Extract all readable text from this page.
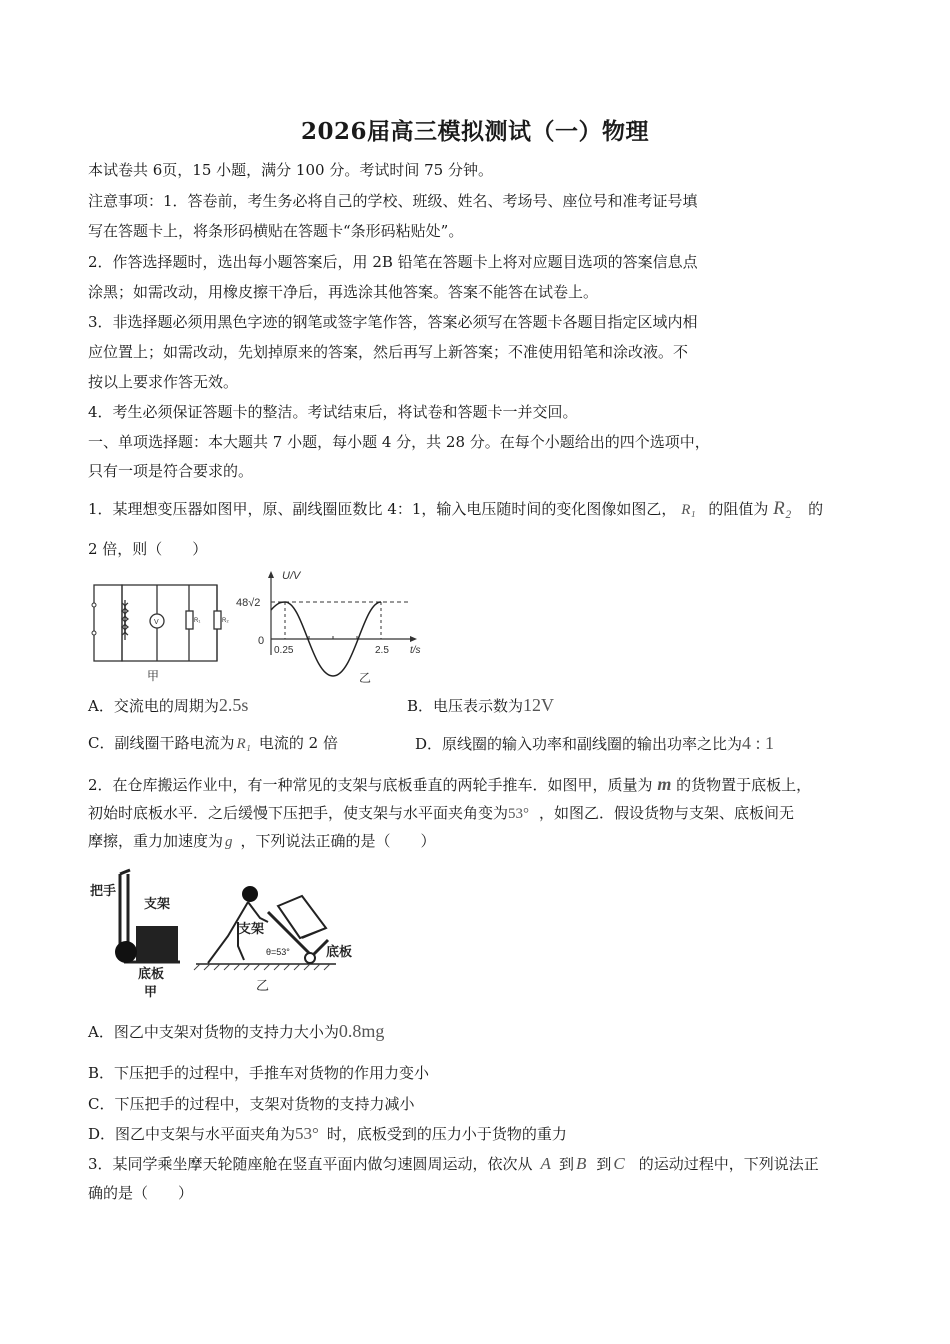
2026届高三模拟测试（一）物理
本试卷共 6页，15 小题，满分 100 分。考试时间 75 分钟。
注意事项：1．答卷前，考生务必将自己的学校、班级、姓名、考场号、座位号和准考证号填
写在答题卡上，将条形码横贴在答题卡“条形码粘贴处”。
2．作答选择题时，选出每小题答案后，用 2B 铅笔在答题卡上将对应题目选项的答案信息点
涂黑；如需改动，用橡皮擦干净后，再选涂其他答案。答案不能答在试卷上。
3．非选择题必须用黑色字迹的钢笔或签字笔作答，答案必须写在答题卡各题目指定区域内相
应位置上；如需改动，先划掉原来的答案，然后再写上新答案；不准使用铅笔和涂改液。不
按以上要求作答无效。
4．考生必须保证答题卡的整洁。考试结束后，将试卷和答题卡一并交回。
一、单项选择题：本大题共 7 小题，每小题 4 分，共 28 分。在每个小题给出的四个选项中，
只有一项是符合要求的。
1．某理想变压器如图甲，原、副线圈匝数比 4：1，输入电压随时间的变化图像如图乙， R₁ 的阻值为 R₂ 的
2 倍，则（　　）
V	R₁	R₂
甲
U/V
t/s
48√2
0
0.25	2.5
乙
A．交流电的周期为2.5s	B．电压表示数为12V
C．副线圈干路电流为 R₁ 电流的 2 倍	D．原线圈的输入功率和副线圈的输出功率之比为4 : 1
2．在仓库搬运作业中，有一种常见的支架与底板垂直的两轮手推车．如图甲，质量为 m 的货物置于底板上，
初始时底板水平．之后缓慢下压把手，使支架与水平面夹角变为53° ，如图乙．假设货物与支架、底板间无
摩擦，重力加速度为 g ，下列说法正确的是（　　）
把手
支架
底板
甲
支架
θ=53°	底板
乙
A．图乙中支架对货物的支持力大小为0.8mg
B．下压把手的过程中，手推车对货物的作用力变小
C．下压把手的过程中，支架对货物的支持力减小
D．图乙中支架与水平面夹角为53° 时，底板受到的压力小于货物的重力
3．某同学乘坐摩天轮随座舱在竖直平面内做匀速圆周运动，依次从 A 到 B 到 C 的运动过程中，下列说法正
确的是（　　）
